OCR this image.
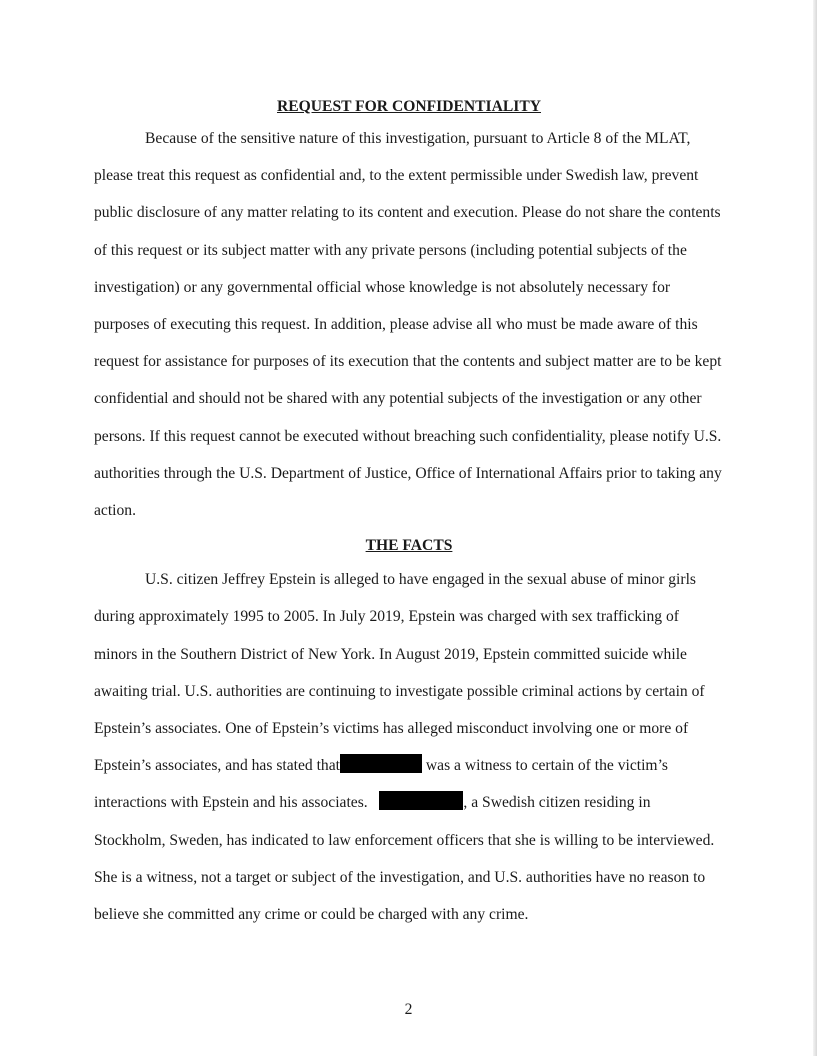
REQUEST FOR CONFIDENTIALITY

Because of the sensitive nature of this investigation, pursuant to Article 8 of the MLAT, please treat this request as confidential and, to the extent permissible under Swedish law, prevent public disclosure of any matter relating to its content and execution. Please do not share the contents of this request or its subject matter with any private persons (including potential subjects of the investigation) or any governmental official whose knowledge is not absolutely necessary for purposes of executing this request. In addition, please advise all who must be made aware of this request for assistance for purposes of its execution that the contents and subject matter are to be kept confidential and should not be shared with any potential subjects of the investigation or any other persons. If this request cannot be executed without breaching such confidentiality, please notify U.S. authorities through the U.S. Department of Justice, Office of International Affairs prior to taking any action.

THE FACTS

U.S. citizen Jeffrey Epstein is alleged to have engaged in the sexual abuse of minor girls during approximately 1995 to 2005. In July 2019, Epstein was charged with sex trafficking of minors in the Southern District of New York. In August 2019, Epstein committed suicide while awaiting trial. U.S. authorities are continuing to investigate possible criminal actions by certain of Epstein’s associates. One of Epstein’s victims has alleged misconduct involving one or more of Epstein’s associates, and has stated that	was a witness to certain of the victim’s interactions with Epstein and his associates.	, a Swedish citizen residing in Stockholm, Sweden, has indicated to law enforcement officers that she is willing to be interviewed. She is a witness, not a target or subject of the investigation, and U.S. authorities have no reason to believe she committed any crime or could be charged with any crime.

2
